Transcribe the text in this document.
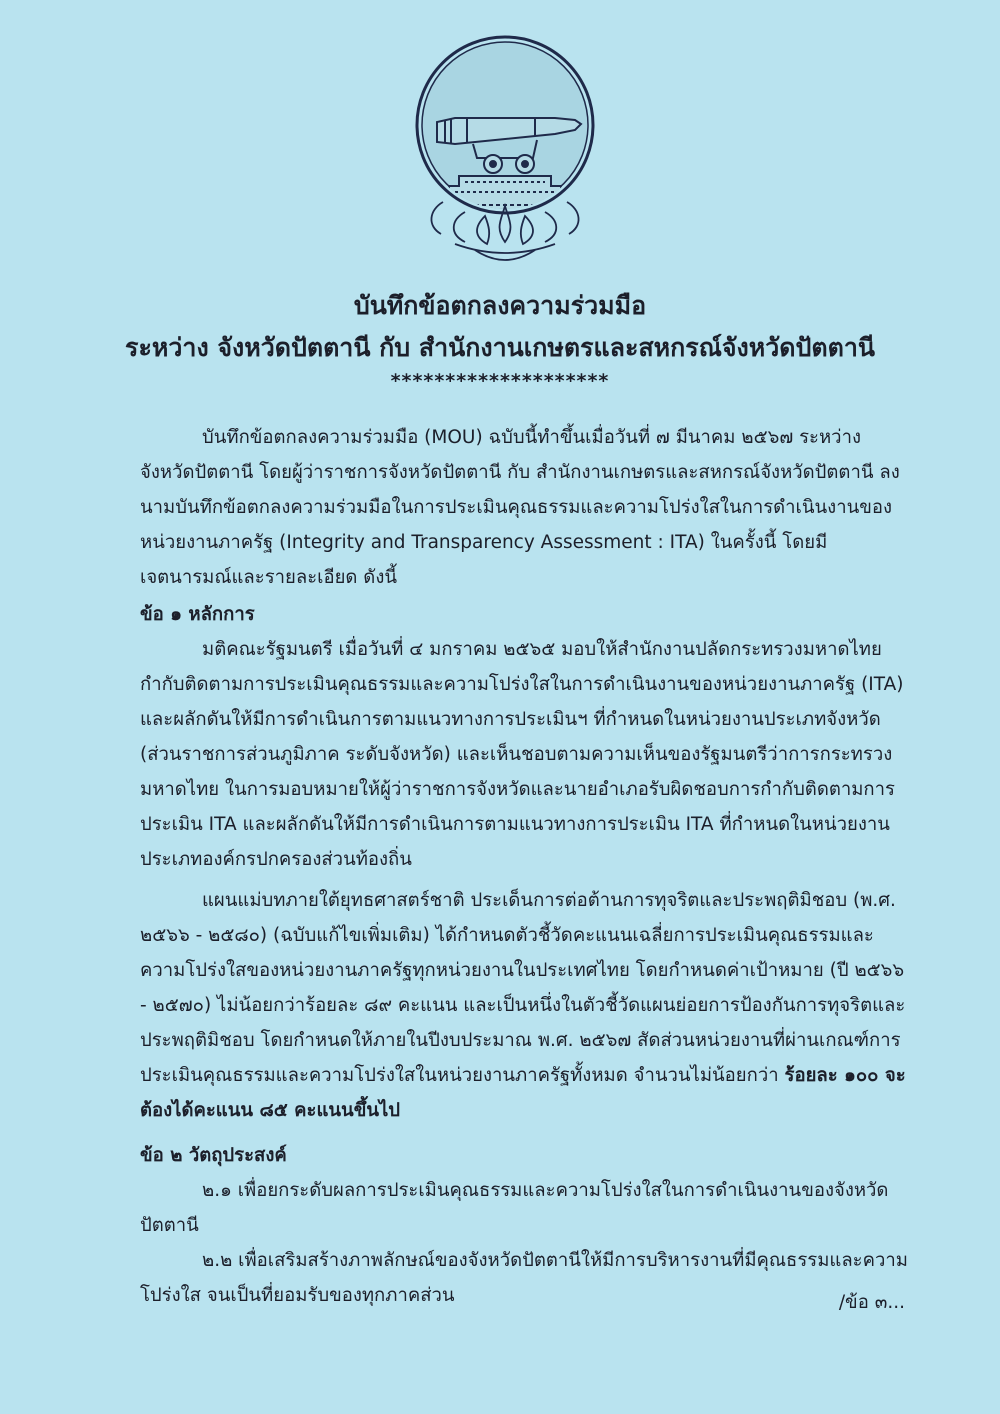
บันทึกข้อตกลงความร่วมมือ
ระหว่าง จังหวัดปัตตานี กับ สำนักงานเกษตรและสหกรณ์จังหวัดปัตตานี
********************

บันทึกข้อตกลงความร่วมมือ (MOU) ฉบับนี้ทำขึ้นเมื่อวันที่ ๗ มีนาคม ๒๕๖๗ ระหว่าง จังหวัดปัตตานี โดยผู้ว่าราชการจังหวัดปัตตานี กับ สำนักงานเกษตรและสหกรณ์จังหวัดปัตตานี ลงนามบันทึกข้อตกลงความร่วมมือในการประเมินคุณธรรมและความโปร่งใสในการดำเนินงานของหน่วยงานภาครัฐ (Integrity and Transparency Assessment : ITA) ในครั้งนี้ โดยมีเจตนารมณ์และรายละเอียด ดังนี้

ข้อ ๑ หลักการ

มติคณะรัฐมนตรี เมื่อวันที่ ๔ มกราคม ๒๕๖๕ มอบให้สำนักงานปลัดกระทรวงมหาดไทย กำกับติดตามการประเมินคุณธรรมและความโปร่งใสในการดำเนินงานของหน่วยงานภาครัฐ (ITA) และผลักดันให้มีการดำเนินการตามแนวทางการประเมินฯ ที่กำหนดในหน่วยงานประเภทจังหวัด (ส่วนราชการส่วนภูมิภาค ระดับจังหวัด) และเห็นชอบตามความเห็นของรัฐมนตรีว่าการกระทรวงมหาดไทย ในการมอบหมายให้ผู้ว่าราชการจังหวัดและนายอำเภอรับผิดชอบการกำกับติดตามการประเมิน ITA และผลักดันให้มีการดำเนินการตามแนวทางการประเมิน ITA ที่กำหนดในหน่วยงานประเภทองค์กรปกครองส่วนท้องถิ่น

แผนแม่บทภายใต้ยุทธศาสตร์ชาติ ประเด็นการต่อต้านการทุจริตและประพฤติมิชอบ (พ.ศ. ๒๕๖๖ - ๒๕๘๐) (ฉบับแก้ไขเพิ่มเติม) ได้กำหนดตัวชี้วัดคะแนนเฉลี่ยการประเมินคุณธรรมและความโปร่งใสของหน่วยงานภาครัฐทุกหน่วยงานในประเทศไทย โดยกำหนดค่าเป้าหมาย (ปี ๒๕๖๖ - ๒๕๗๐) ไม่น้อยกว่าร้อยละ ๘๙ คะแนน และเป็นหนึ่งในตัวชี้วัดแผนย่อยการป้องกันการทุจริตและประพฤติมิชอบ โดยกำหนดให้ภายในปีงบประมาณ พ.ศ. ๒๕๖๗ สัดส่วนหน่วยงานที่ผ่านเกณฑ์การประเมินคุณธรรมและความโปร่งใสในหน่วยงานภาครัฐทั้งหมด จำนวนไม่น้อยกว่า ร้อยละ ๑๐๐ จะต้องได้คะแนน ๘๕ คะแนนขึ้นไป

ข้อ ๒ วัตถุประสงค์

๒.๑ เพื่อยกระดับผลการประเมินคุณธรรมและความโปร่งใสในการดำเนินงานของจังหวัดปัตตานี

๒.๒ เพื่อเสริมสร้างภาพลักษณ์ของจังหวัดปัตตานีให้มีการบริหารงานที่มีคุณธรรมและความโปร่งใส จนเป็นที่ยอมรับของทุกภาคส่วน	/ข้อ ๓...
